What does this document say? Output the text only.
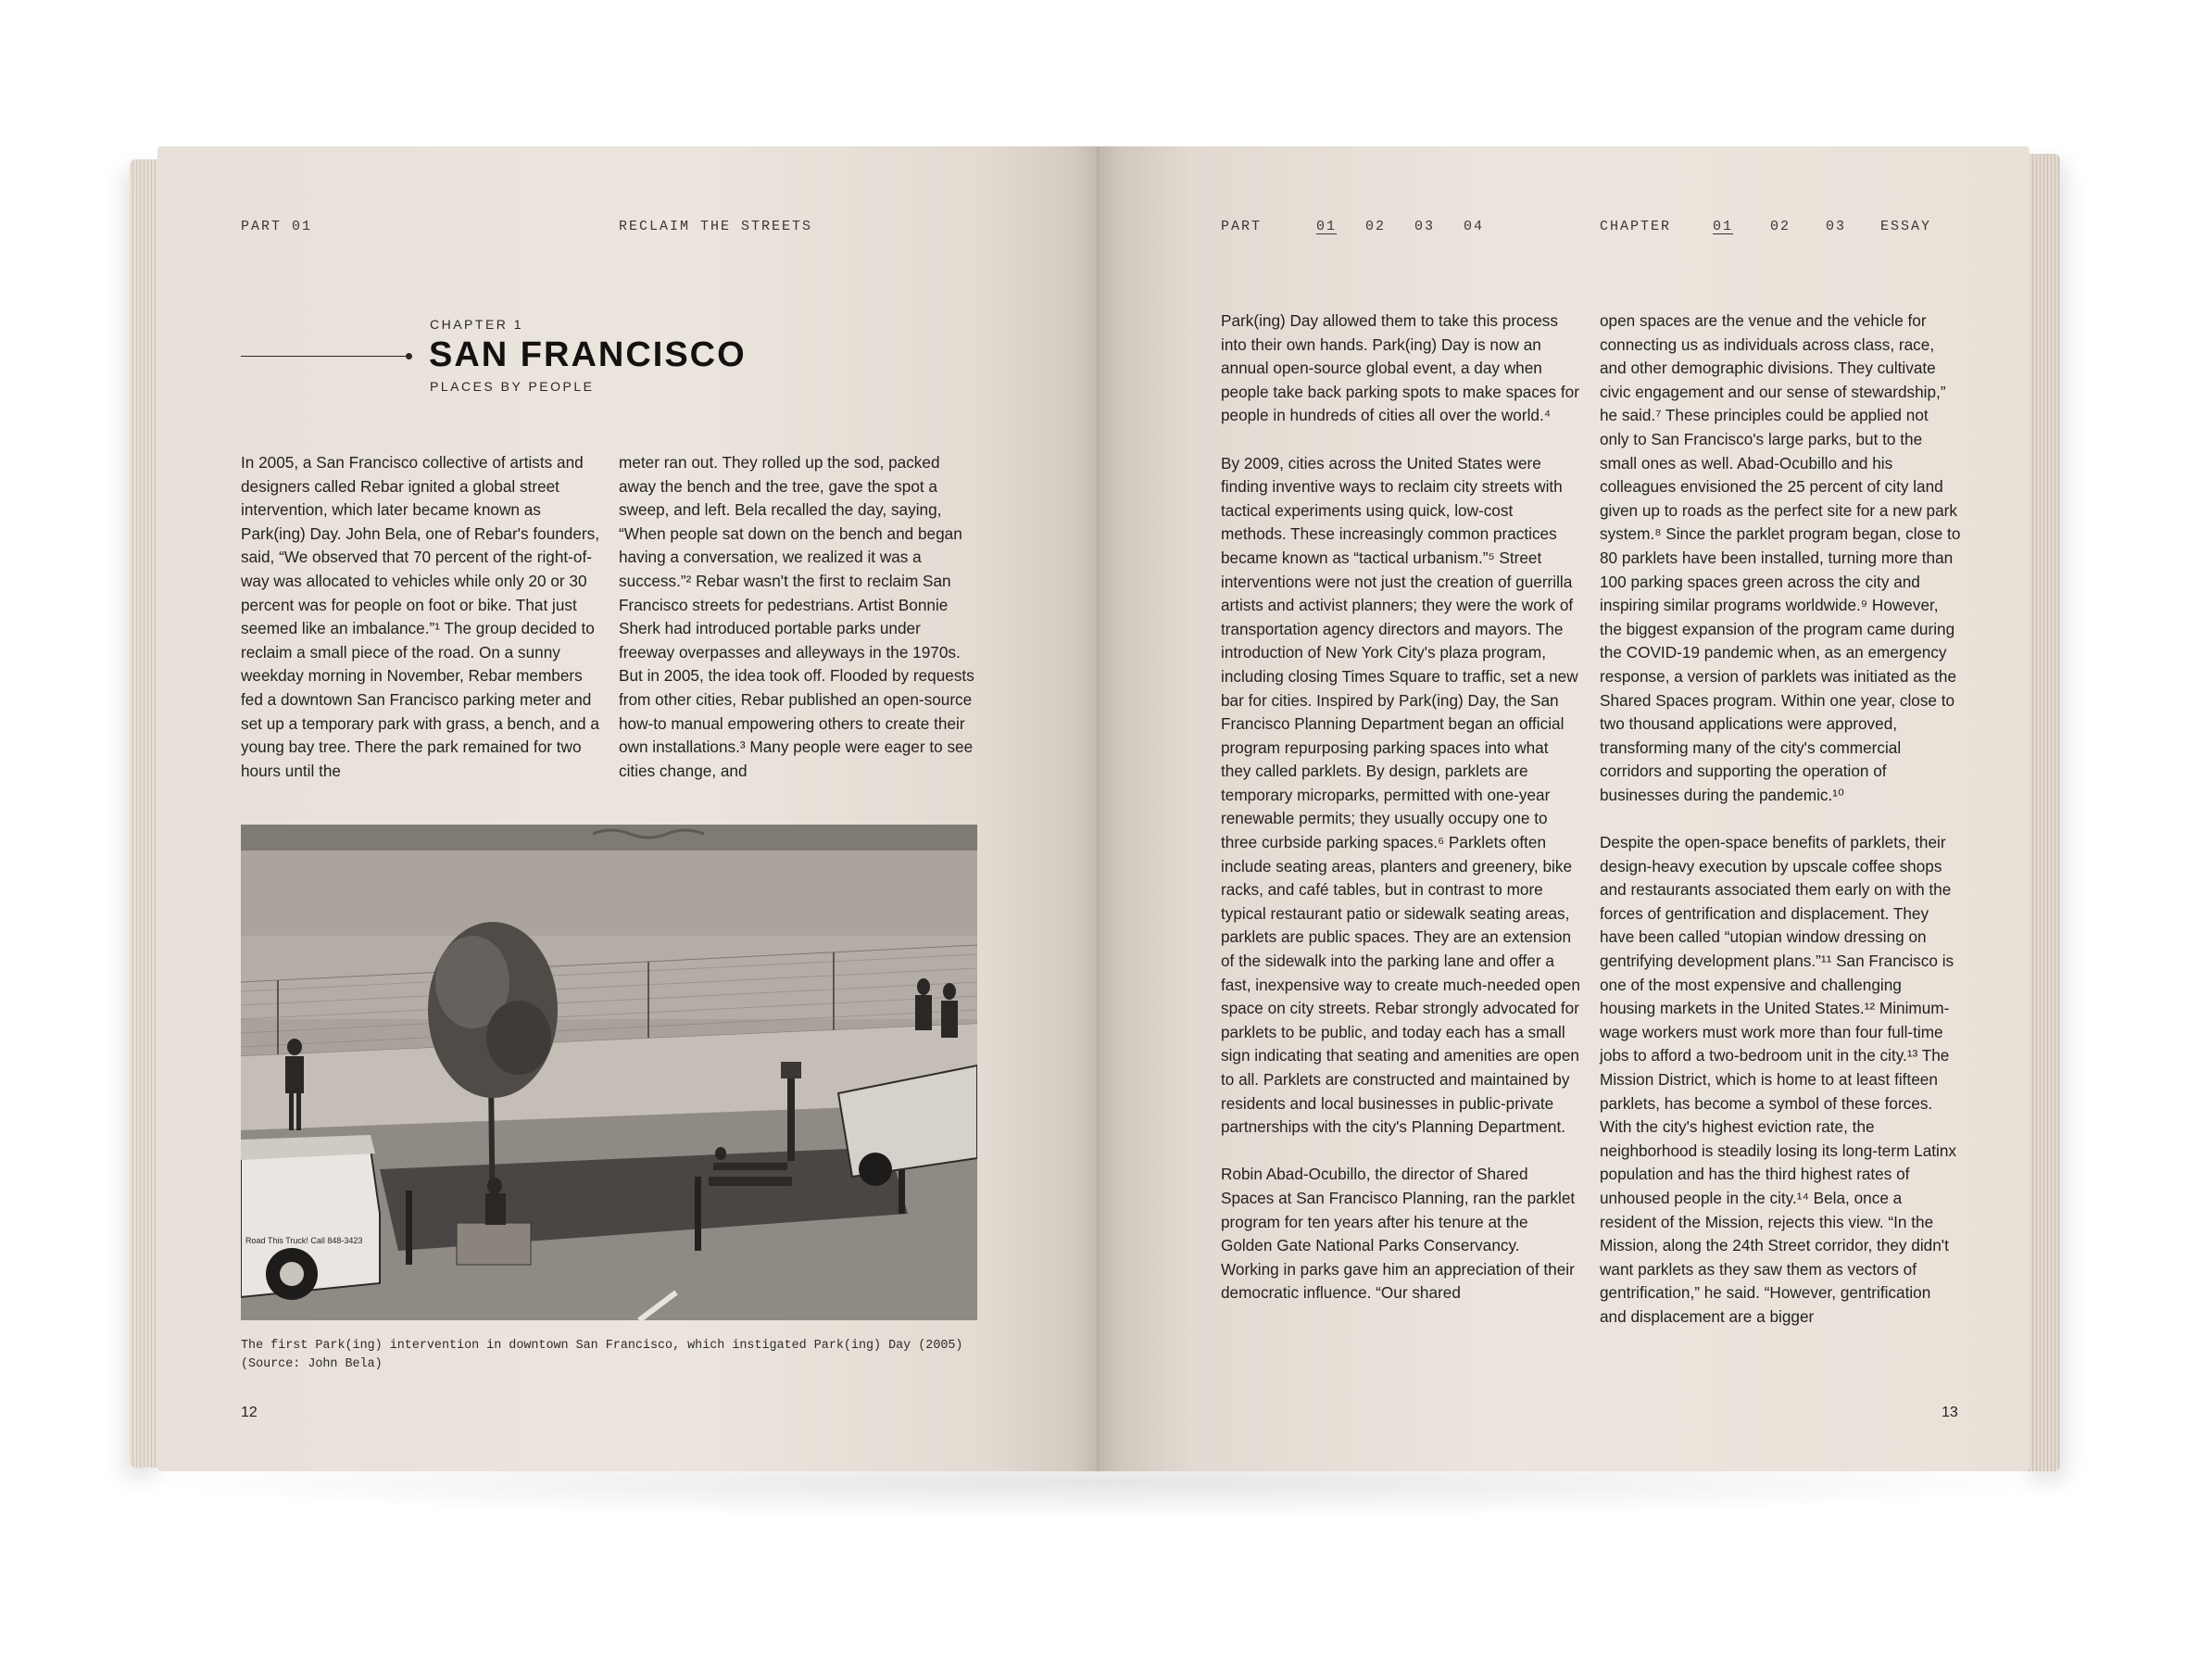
PART 01	RECLAIM THE STREETS
CHAPTER 1
SAN FRANCISCO
PLACES BY PEOPLE

In 2005, a San Francisco collective of artists and designers called Rebar ignited a global street intervention, which later became known as Park(ing) Day. John Bela, one of Rebar's founders, said, “We observed that 70 percent of the right-of-way was allocated to vehicles while only 20 or 30 percent was for people on foot or bike. That just seemed like an imbalance.”¹ The group decided to reclaim a small piece of the road. On a sunny weekday morning in November, Rebar members fed a downtown San Francisco parking meter and set up a temporary park with grass, a bench, and a young bay tree. There the park remained for two hours until the

meter ran out. They rolled up the sod, packed away the bench and the tree, gave the spot a sweep, and left. Bela recalled the day, saying, “When people sat down on the bench and began having a conversation, we realized it was a success.”² Rebar wasn't the first to reclaim San Francisco streets for pedestrians. Artist Bonnie Sherk had introduced portable parks under freeway overpasses and alleyways in the 1970s. But in 2005, the idea took off. Flooded by requests from other cities, Rebar published an open-source how-to manual empowering others to create their own installations.³ Many people were eager to see cities change, and

Road This Truck! Call 848-3423
The first Park(ing) intervention in downtown San Francisco, which instigated Park(ing) Day (2005) (Source: John Bela)
12
PART	01 02 03 04	CHAPTER	01	02	03 ESSAY

Park(ing) Day allowed them to take this process into their own hands. Park(ing) Day is now an annual open-source global event, a day when people take back parking spots to make spaces for people in hundreds of cities all over the world.⁴

By 2009, cities across the United States were finding inventive ways to reclaim city streets with tactical experiments using quick, low-cost methods. These increasingly common practices became known as “tactical urbanism.”⁵ Street interventions were not just the creation of guerrilla artists and activist planners; they were the work of transportation agency directors and mayors. The introduction of New York City's plaza program, including closing Times Square to traffic, set a new bar for cities. Inspired by Park(ing) Day, the San Francisco Planning Department began an official program repurposing parking spaces into what they called parklets. By design, parklets are temporary microparks, permitted with one-year renewable permits; they usually occupy one to three curbside parking spaces.⁶ Parklets often include seating areas, planters and greenery, bike racks, and café tables, but in contrast to more typical restaurant patio or sidewalk seating areas, parklets are public spaces. They are an extension of the sidewalk into the parking lane and offer a fast, inexpensive way to create much-needed open space on city streets. Rebar strongly advocated for parklets to be public, and today each has a small sign indicating that seating and amenities are open to all. Parklets are constructed and maintained by residents and local businesses in public-private partnerships with the city's Planning Department.

Robin Abad-Ocubillo, the director of Shared Spaces at San Francisco Planning, ran the parklet program for ten years after his tenure at the Golden Gate National Parks Conservancy. Working in parks gave him an appreciation of their democratic influence. “Our shared

open spaces are the venue and the vehicle for connecting us as individuals across class, race, and other demographic divisions. They cultivate civic engagement and our sense of stewardship,” he said.⁷ These principles could be applied not only to San Francisco's large parks, but to the small ones as well. Abad-Ocubillo and his colleagues envisioned the 25 percent of city land given up to roads as the perfect site for a new park system.⁸ Since the parklet program began, close to 80 parklets have been installed, turning more than 100 parking spaces green across the city and inspiring similar programs worldwide.⁹ However, the biggest expansion of the program came during the COVID-19 pandemic when, as an emergency response, a version of parklets was initiated as the Shared Spaces program. Within one year, close to two thousand applications were approved, transforming many of the city's commercial corridors and supporting the operation of businesses during the pandemic.¹⁰

Despite the open-space benefits of parklets, their design-heavy execution by upscale coffee shops and restaurants associated them early on with the forces of gentrification and displacement. They have been called “utopian window dressing on gentrifying development plans.”¹¹ San Francisco is one of the most expensive and challenging housing markets in the United States.¹² Minimum-wage workers must work more than four full-time jobs to afford a two-bedroom unit in the city.¹³ The Mission District, which is home to at least fifteen parklets, has become a symbol of these forces. With the city's highest eviction rate, the neighborhood is steadily losing its long-term Latinx population and has the third highest rates of unhoused people in the city.¹⁴ Bela, once a resident of the Mission, rejects this view. “In the Mission, along the 24th Street corridor, they didn't want parklets as they saw them as vectors of gentrification,” he said. “However, gentrification and displacement are a bigger

13
